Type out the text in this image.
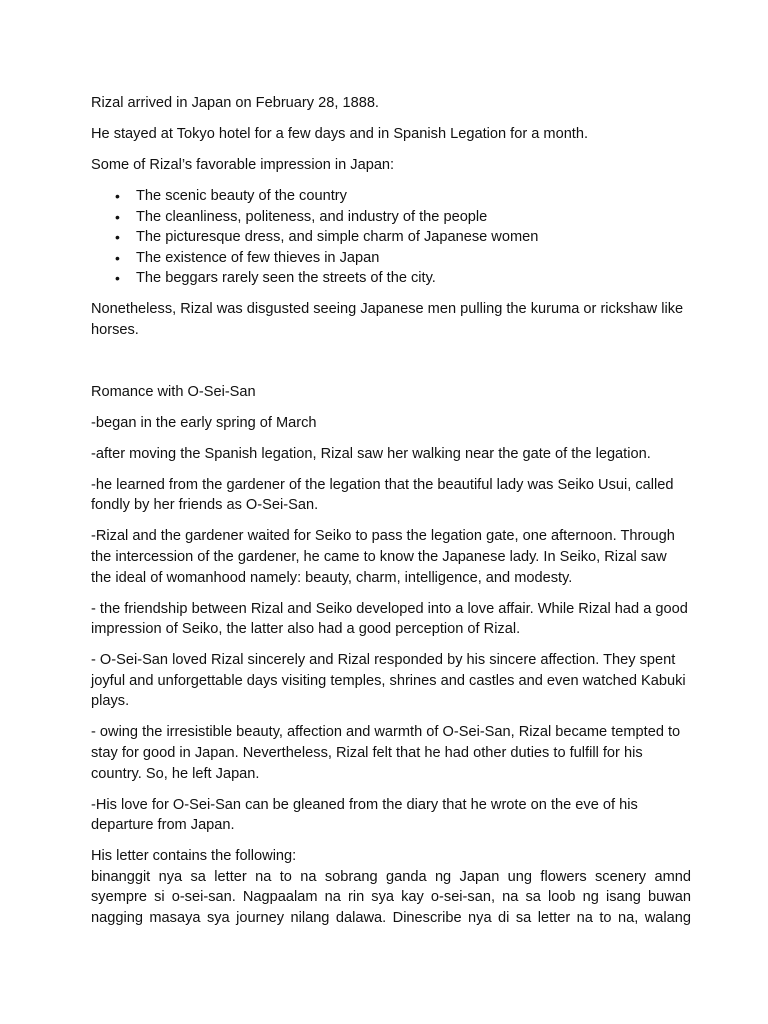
Rizal arrived in Japan on February 28, 1888.

He stayed at Tokyo hotel for a few days and in Spanish Legation for a month.

Some of Rizal’s favorable impression in Japan:

• The scenic beauty of the country
• The cleanliness, politeness, and industry of the people
• The picturesque dress, and simple charm of Japanese women
• The existence of few thieves in Japan
• The beggars rarely seen the streets of the city.

Nonetheless, Rizal was disgusted seeing Japanese men pulling the kuruma or rickshaw like horses.

Romance with O-Sei-San

-began in the early spring of March

-after moving the Spanish legation, Rizal saw her walking near the gate of the legation.

-he learned from the gardener of the legation that the beautiful lady was Seiko Usui, called fondly by her friends as O-Sei-San.

-Rizal and the gardener waited for Seiko to pass the legation gate, one afternoon. Through the intercession of the gardener, he came to know the Japanese lady. In Seiko, Rizal saw the ideal of womanhood namely: beauty, charm, intelligence, and modesty.

- the friendship between Rizal and Seiko developed into a love affair. While Rizal had a good impression of Seiko, the latter also had a good perception of Rizal.

- O-Sei-San loved Rizal sincerely and Rizal responded by his sincere affection. They spent joyful and unforgettable days visiting temples, shrines and castles and even watched Kabuki plays.

- owing the irresistible beauty, affection and warmth of O-Sei-San, Rizal became tempted to stay for good in Japan. Nevertheless, Rizal felt that he had other duties to fulfill for his country. So, he left Japan.

-His love for O-Sei-San can be gleaned from the diary that he wrote on the eve of his departure from Japan.

His letter contains the following:

binanggit nya sa letter na to na sobrang ganda ng Japan ung flowers scenery amnd

syempre si o-sei-san. Nagpaalam na rin sya kay o-sei-san, na sa loob ng isang buwan

nagging masaya sya journey nilang dalawa. Dinescribe nya di sa letter na to na, walang
